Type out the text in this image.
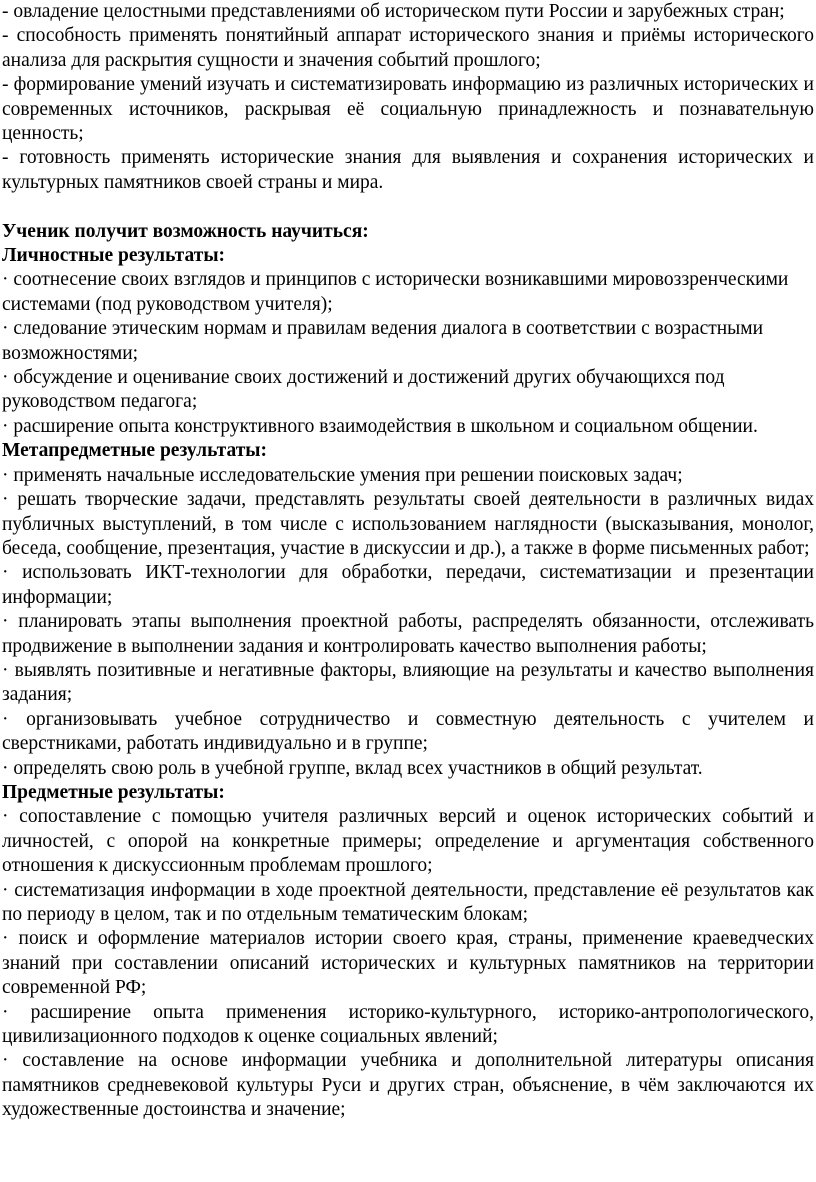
- овладение целостными представлениями об историческом пути России и зарубежных стран;

- способность применять понятийный аппарат исторического знания и приёмы исторического анализа для раскрытия сущности и значения событий прошлого;

- формирование умений изучать и систематизировать информацию из различных исторических и современных источников, раскрывая её социальную принадлежность и познавательную ценность;

- готовность применять исторические знания для выявления и сохранения исторических и культурных памятников своей страны и мира.

Ученик получит возможность научиться:

Личностные результаты:

· соотнесение своих взглядов и принципов с исторически возникавшими мировоззренческими системами (под руководством учителя);

· следование этическим нормам и правилам ведения диалога в соответствии с возрастными возможностями;

· обсуждение и оценивание своих достижений и достижений других обучающихся под руководством педагога;

· расширение опыта конструктивного взаимодействия в школьном и социальном общении.

Метапредметные результаты:

· применять начальные исследовательские умения при решении поисковых задач;

· решать творческие задачи, представлять результаты своей деятельности в различных видах публичных выступлений, в том числе с использованием наглядности (высказывания, монолог, беседа, сообщение, презентация, участие в дискуссии и др.), а также в форме письменных работ;

· использовать ИКТ-технологии для обработки, передачи, систематизации и презентации информации;

· планировать этапы выполнения проектной работы, распределять обязанности, отслеживать продвижение в выполнении задания и контролировать качество выполнения работы;

· выявлять позитивные и негативные факторы, влияющие на результаты и качество выполнения задания;

· организовывать учебное сотрудничество и совместную деятельность с учителем и сверстниками, работать индивидуально и в группе;

· определять свою роль в учебной группе, вклад всех участников в общий результат.

Предметные результаты:

· сопоставление с помощью учителя различных версий и оценок исторических событий и личностей, с опорой на конкретные примеры; определение и аргументация собственного отношения к дискуссионным проблемам прошлого;

· систематизация информации в ходе проектной деятельности, представление её результатов как по периоду в целом, так и по отдельным тематическим блокам;

· поиск и оформление материалов истории своего края, страны, применение краеведческих знаний при составлении описаний исторических и культурных памятников на территории современной РФ;

· расширение опыта применения историко-культурного, историко-антропологического, цивилизационного подходов к оценке социальных явлений;

· составление на основе информации учебника и дополнительной литературы описания памятников средневековой культуры Руси и других стран, объяснение, в чём заключаются их художественные достоинства и значение;
